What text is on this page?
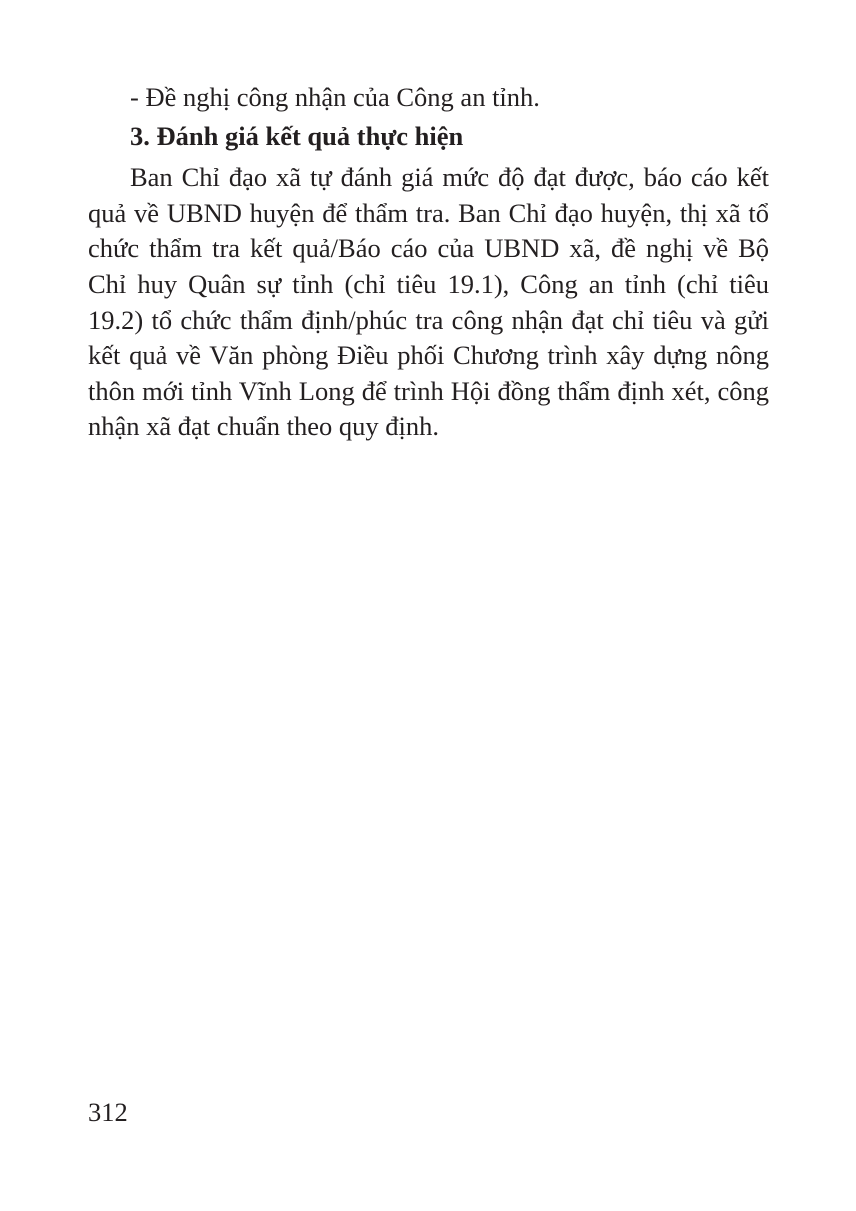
- Đề nghị công nhận của Công an tỉnh.

3. Đánh giá kết quả thực hiện

Ban Chỉ đạo xã tự đánh giá mức độ đạt được, báo cáo kết quả về UBND huyện để thẩm tra. Ban Chỉ đạo huyện, thị xã tổ chức thẩm tra kết quả/Báo cáo của UBND xã, đề nghị về Bộ Chỉ huy Quân sự tỉnh (chỉ tiêu 19.1), Công an tỉnh (chỉ tiêu 19.2) tổ chức thẩm định/phúc tra công nhận đạt chỉ tiêu và gửi kết quả về Văn phòng Điều phối Chương trình xây dựng nông thôn mới tỉnh Vĩnh Long để trình Hội đồng thẩm định xét, công nhận xã đạt chuẩn theo quy định.

312
